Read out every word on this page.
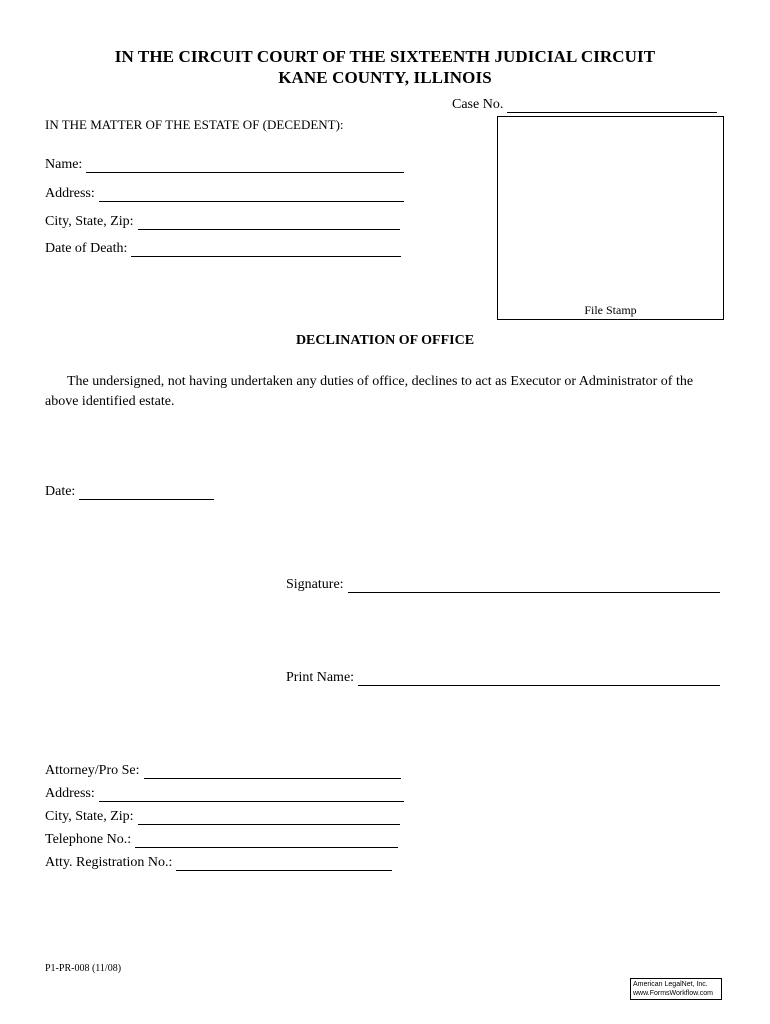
IN THE CIRCUIT COURT OF THE SIXTEENTH JUDICIAL CIRCUIT
KANE COUNTY, ILLINOIS
Case No.
IN THE MATTER OF THE ESTATE OF (DECEDENT):
Name:
Address:
City, State, Zip:
Date of Death:
File Stamp
DECLINATION OF OFFICE
The undersigned, not having undertaken any duties of office, declines to act as Executor or Administrator of the above identified estate.
Date:
Signature:
Print Name:
Attorney/Pro Se:
Address:
City, State, Zip:
Telephone No.:
Atty. Registration No.:
P1-PR-008 (11/08)
American LegalNet, Inc.
www.FormsWorkflow.com
